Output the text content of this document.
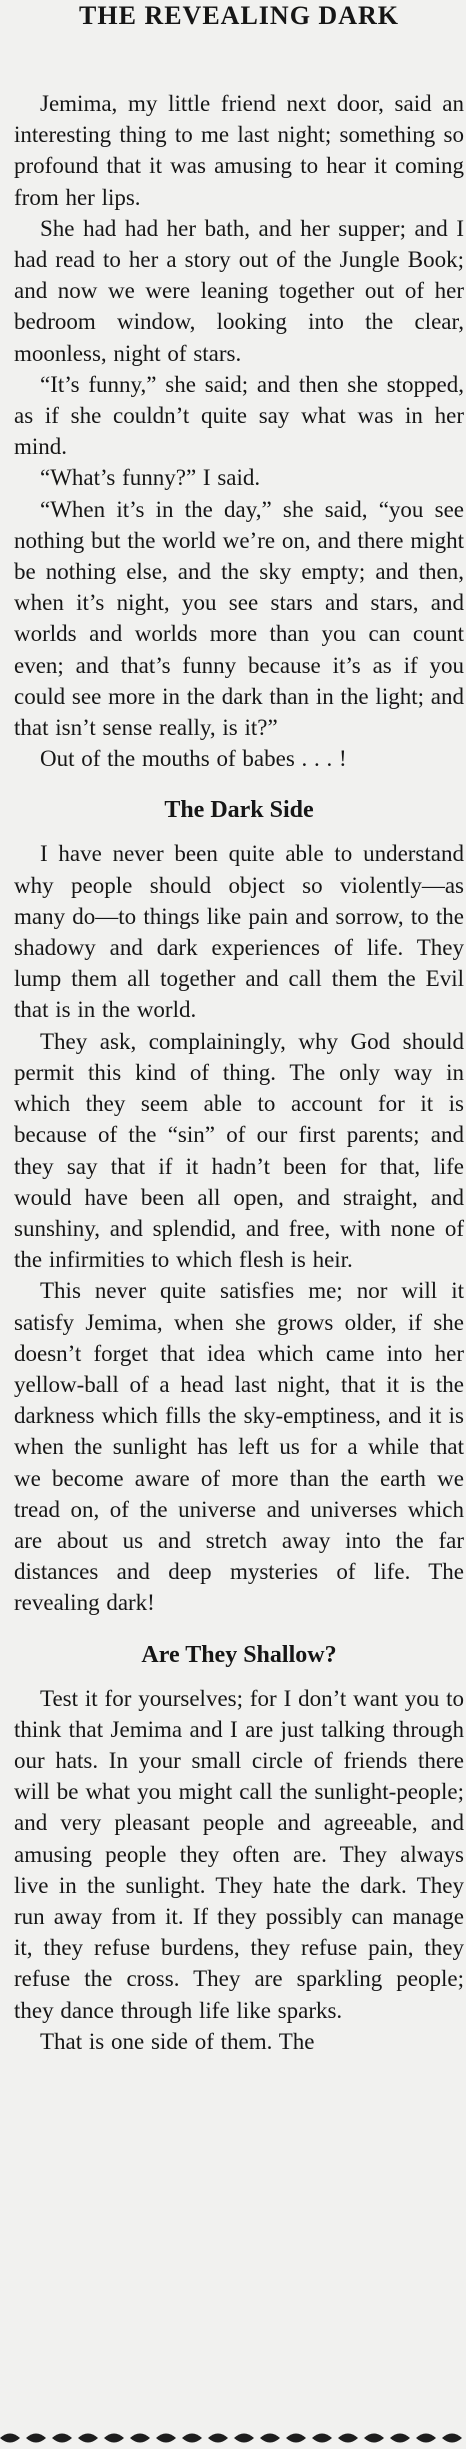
THE REVEALING DARK

Jemima, my little friend next door, said an interesting thing to me last night; something so profound that it was amusing to hear it coming from her lips.

She had had her bath, and her supper; and I had read to her a story out of the Jungle Book; and now we were leaning together out of her bedroom window, looking into the clear, moonless, night of stars.

“It’s funny,” she said; and then she stopped, as if she couldn’t quite say what was in her mind.

“What’s funny?” I said.

“When it’s in the day,” she said, “you see nothing but the world we’re on, and there might be nothing else, and the sky empty; and then, when it’s night, you see stars and stars, and worlds and worlds more than you can count even; and that’s funny because it’s as if you could see more in the dark than in the light; and that isn’t sense really, is it?”

Out of the mouths of babes . . . !

The Dark Side

I have never been quite able to understand why people should object so violently—as many do—to things like pain and sorrow, to the shadowy and dark experiences of life. They lump them all together and call them the Evil that is in the world.

They ask, complainingly, why God should permit this kind of thing. The only way in which they seem able to account for it is because of the “sin” of our first parents; and they say that if it hadn’t been for that, life would have been all open, and straight, and sunshiny, and splendid, and free, with none of the infirmities to which flesh is heir.

This never quite satisfies me; nor will it satisfy Jemima, when she grows older, if she doesn’t forget that idea which came into her yellow-ball of a head last night, that it is the darkness which fills the sky-emptiness, and it is when the sunlight has left us for a while that we become aware of more than the earth we tread on, of the universe and universes which are about us and stretch away into the far distances and deep mysteries of life. The revealing dark!

Are They Shallow?

Test it for yourselves; for I don’t want you to think that Jemima and I are just talking through our hats. In your small circle of friends there will be what you might call the sunlight-people; and very pleasant people and agreeable, and amusing people they often are. They always live in the sunlight. They hate the dark. They run away from it. If they possibly can manage it, they refuse burdens, they refuse pain, they refuse the cross. They are sparkling people; they dance through life like sparks.

That is one side of them. The
